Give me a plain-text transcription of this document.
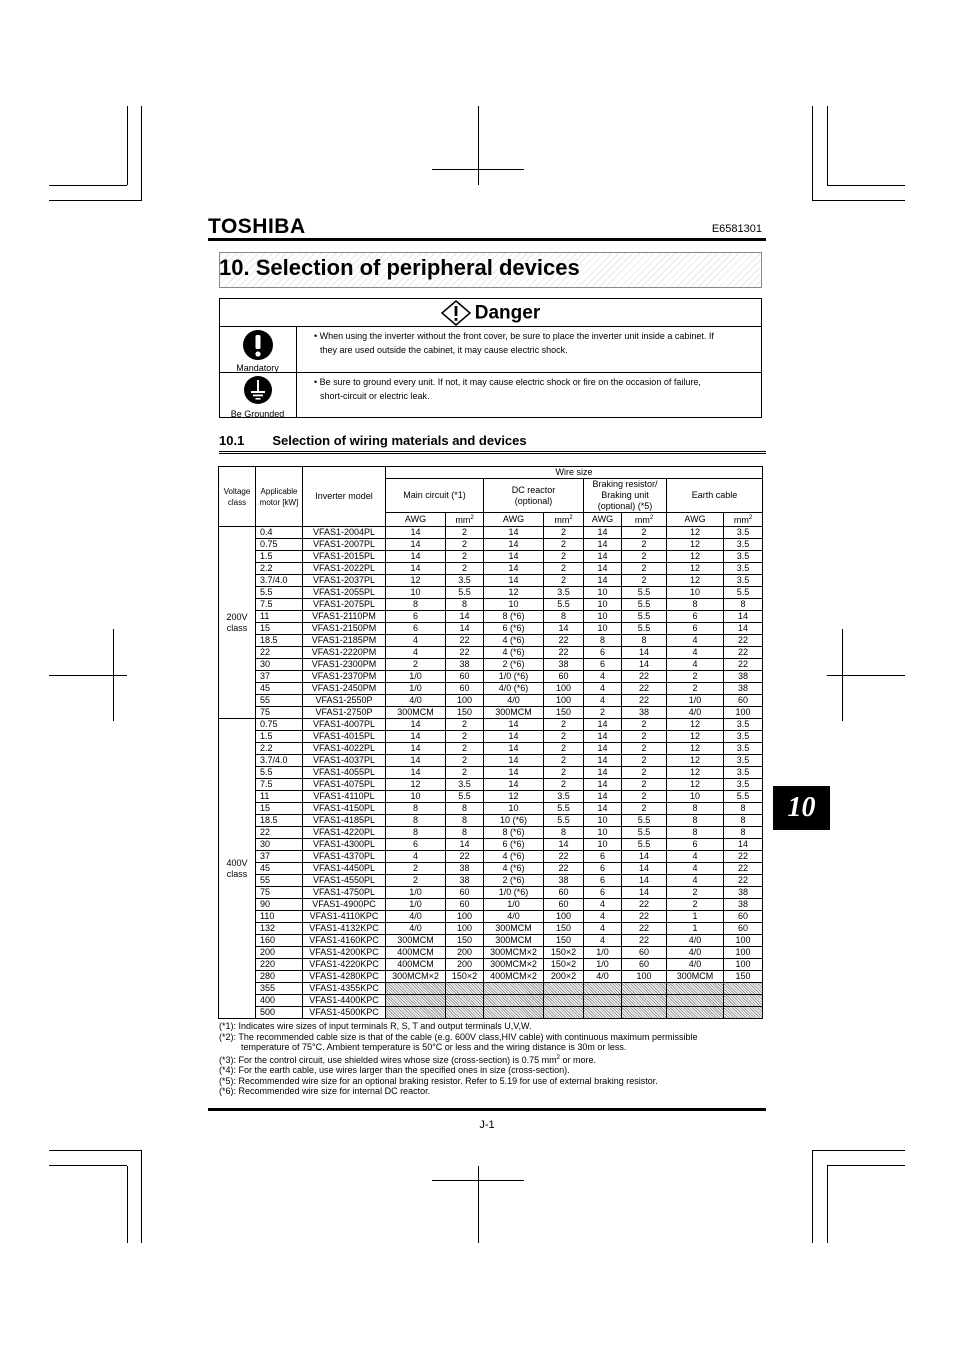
TOSHIBA	E6581301
10. Selection of peripheral devices
Danger
Mandatory
• When using the inverter without the front cover, be sure to place the inverter unit inside a cabinet. If
they are used outside the cabinet, it may cause electric shock.
Be Grounded
• Be sure to ground every unit. If not, it may cause electric shock or fire on the occasion of failure,
short-circuit or electric leak.
10.1 Selection of wiring materials and devices
Voltage class	Applicable motor [kW]	Inverter model	Wire size							
			Main circuit (*1)		DC reactor (optional)		Braking resistor/ Braking unit (optional) (*5)		Earth cable	
			AWG	$mm^2$	AWG	$mm^2$	AWG	$mm^2$	AWG	$mm^2$
200V class	0.4	VFAS1-2004PL	14	2	14	2	14	2	12	3.5
	0.75	VFAS1-2007PL	14	2	14	2	14	2	12	3.5
	1.5	VFAS1-2015PL	14	2	14	2	14	2	12	3.5
	2.2	VFAS1-2022PL	14	2	14	2	14	2	12	3.5
	3.7/4.0	VFAS1-2037PL	12	3.5	14	2	14	2	12	3.5
	5.5	VFAS1-2055PL	10	5.5	12	3.5	10	5.5	10	5.5
	7.5	VFAS1-2075PL	8	8	10	5.5	10	5.5	8	8
	11	VFAS1-2110PM	6	14	8 (*6)	8	10	5.5	6	14
	15	VFAS1-2150PM	6	14	6 (*6)	14	10	5.5	6	14
	18.5	VFAS1-2185PM	4	22	4 (*6)	22	8	8	4	22
	22	VFAS1-2220PM	4	22	4 (*6)	22	6	14	4	22
	30	VFAS1-2300PM	2	38	2 (*6)	38	6	14	4	22
	37	VFAS1-2370PM	1/0	60	1/0 (*6)	60	4	22	2	38
	45	VFAS1-2450PM	1/0	60	4/0 (*6)	100	4	22	2	38
	55	VFAS1-2550P	4/0	100	4/0	100	4	22	1/0	60
	75	VFAS1-2750P	300MCM	150	300MCM	150	2	38	4/0	100
400V class	0.75	VFAS1-4007PL	14	2	14	2	14	2	12	3.5
	1.5	VFAS1-4015PL	14	2	14	2	14	2	12	3.5
	2.2	VFAS1-4022PL	14	2	14	2	14	2	12	3.5
	3.7/4.0	VFAS1-4037PL	14	2	14	2	14	2	12	3.5
	5.5	VFAS1-4055PL	14	2	14	2	14	2	12	3.5
	7.5	VFAS1-4075PL	12	3.5	14	2	14	2	12	3.5
	11	VFAS1-4110PL	10	5.5	12	3.5	14	2	10	5.5
	15	VFAS1-4150PL	8	8	10	5.5	14	2	8	8
	18.5	VFAS1-4185PL	8	8	10 (*6)	5.5	10	5.5	8	8
	22	VFAS1-4220PL	8	8	8 (*6)	8	10	5.5	8	8
	30	VFAS1-4300PL	6	14	6 (*6)	14	10	5.5	6	14
	37	VFAS1-4370PL	4	22	4 (*6)	22	6	14	4	22
	45	VFAS1-4450PL	2	38	4 (*6)	22	6	14	4	22
	55	VFAS1-4550PL	2	38	2 (*6)	38	6	14	4	22
	75	VFAS1-4750PL	1/0	60	1/0 (*6)	60	6	14	2	38
	90	VFAS1-4900PC	1/0	60	1/0	60	4	22	2	38
	110	VFAS1-4110KPC	4/0	100	4/0	100	4	22	1	60
	132	VFAS1-4132KPC	4/0	100	300MCM	150	4	22	1	60
	160	VFAS1-4160KPC	300MCM	150	300MCM	150	4	22	4/0	100
	200	VFAS1-4200KPC	400MCM	200	300MCM×2	150×2	1/0	60	4/0	100
	220	VFAS1-4220KPC	400MCM	200	300MCM×2	150×2	1/0	60	4/0	100
	280	VFAS1-4280KPC	300MCM×2	150×2	400MCM×2	200×2	4/0	100	300MCM	150
	355	VFAS1-4355KPC								
	400	VFAS1-4400KPC								
	500	VFAS1-4500KPC								
(*1): Indicates wire sizes of input terminals R, S, T and output terminals U,V,W.
(*2): The recommended cable size is that of the cable (e.g. 600V class,HIV cable) with continuous maximum permissible
temperature of 75°C. Ambient temperature is 50°C or less and the wiring distance is 30m or less.
(*3): For the control circuit, use shielded wires whose size (cross-section) is 0.75 $mm^2$ or more.
(*4): For the earth cable, use wires larger than the specified ones in size (cross-section).
(*5): Recommended wire size for an optional braking resistor. Refer to 5.19 for use of external braking resistor.
(*6): Recommended wire size for internal DC reactor.
J-1
10
